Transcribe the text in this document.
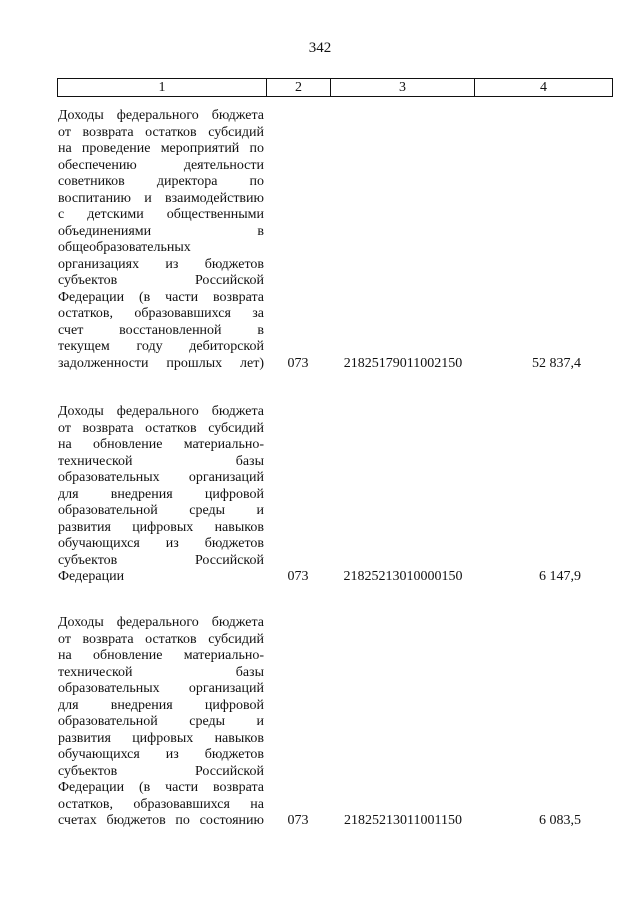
342
1	2	3	4
Доходы федерального бюджета
от возврата остатков субсидий
на проведение мероприятий по
обеспечению деятельности
советников директора по
воспитанию и взаимодействию
с детскими общественными
объединениями в
общеобразовательных
организациях из бюджетов
субъектов Российской
Федерации (в части возврата
остатков, образовавшихся за
счет восстановленной в
текущем году дебиторской
задолженности прошлых лет)	073	21825179011002150	52 837,4
Доходы федерального бюджета
от возврата остатков субсидий
на обновление материально-
технической базы
образовательных организаций
для внедрения цифровой
образовательной среды и
развития цифровых навыков
обучающихся из бюджетов
субъектов Российской
Федерации	073	21825213010000150	6 147,9
Доходы федерального бюджета
от возврата остатков субсидий
на обновление материально-
технической базы
образовательных организаций
для внедрения цифровой
образовательной среды и
развития цифровых навыков
обучающихся из бюджетов
субъектов Российской
Федерации (в части возврата
остатков, образовавшихся на
счетах бюджетов по состоянию	073	21825213011001150	6 083,5
